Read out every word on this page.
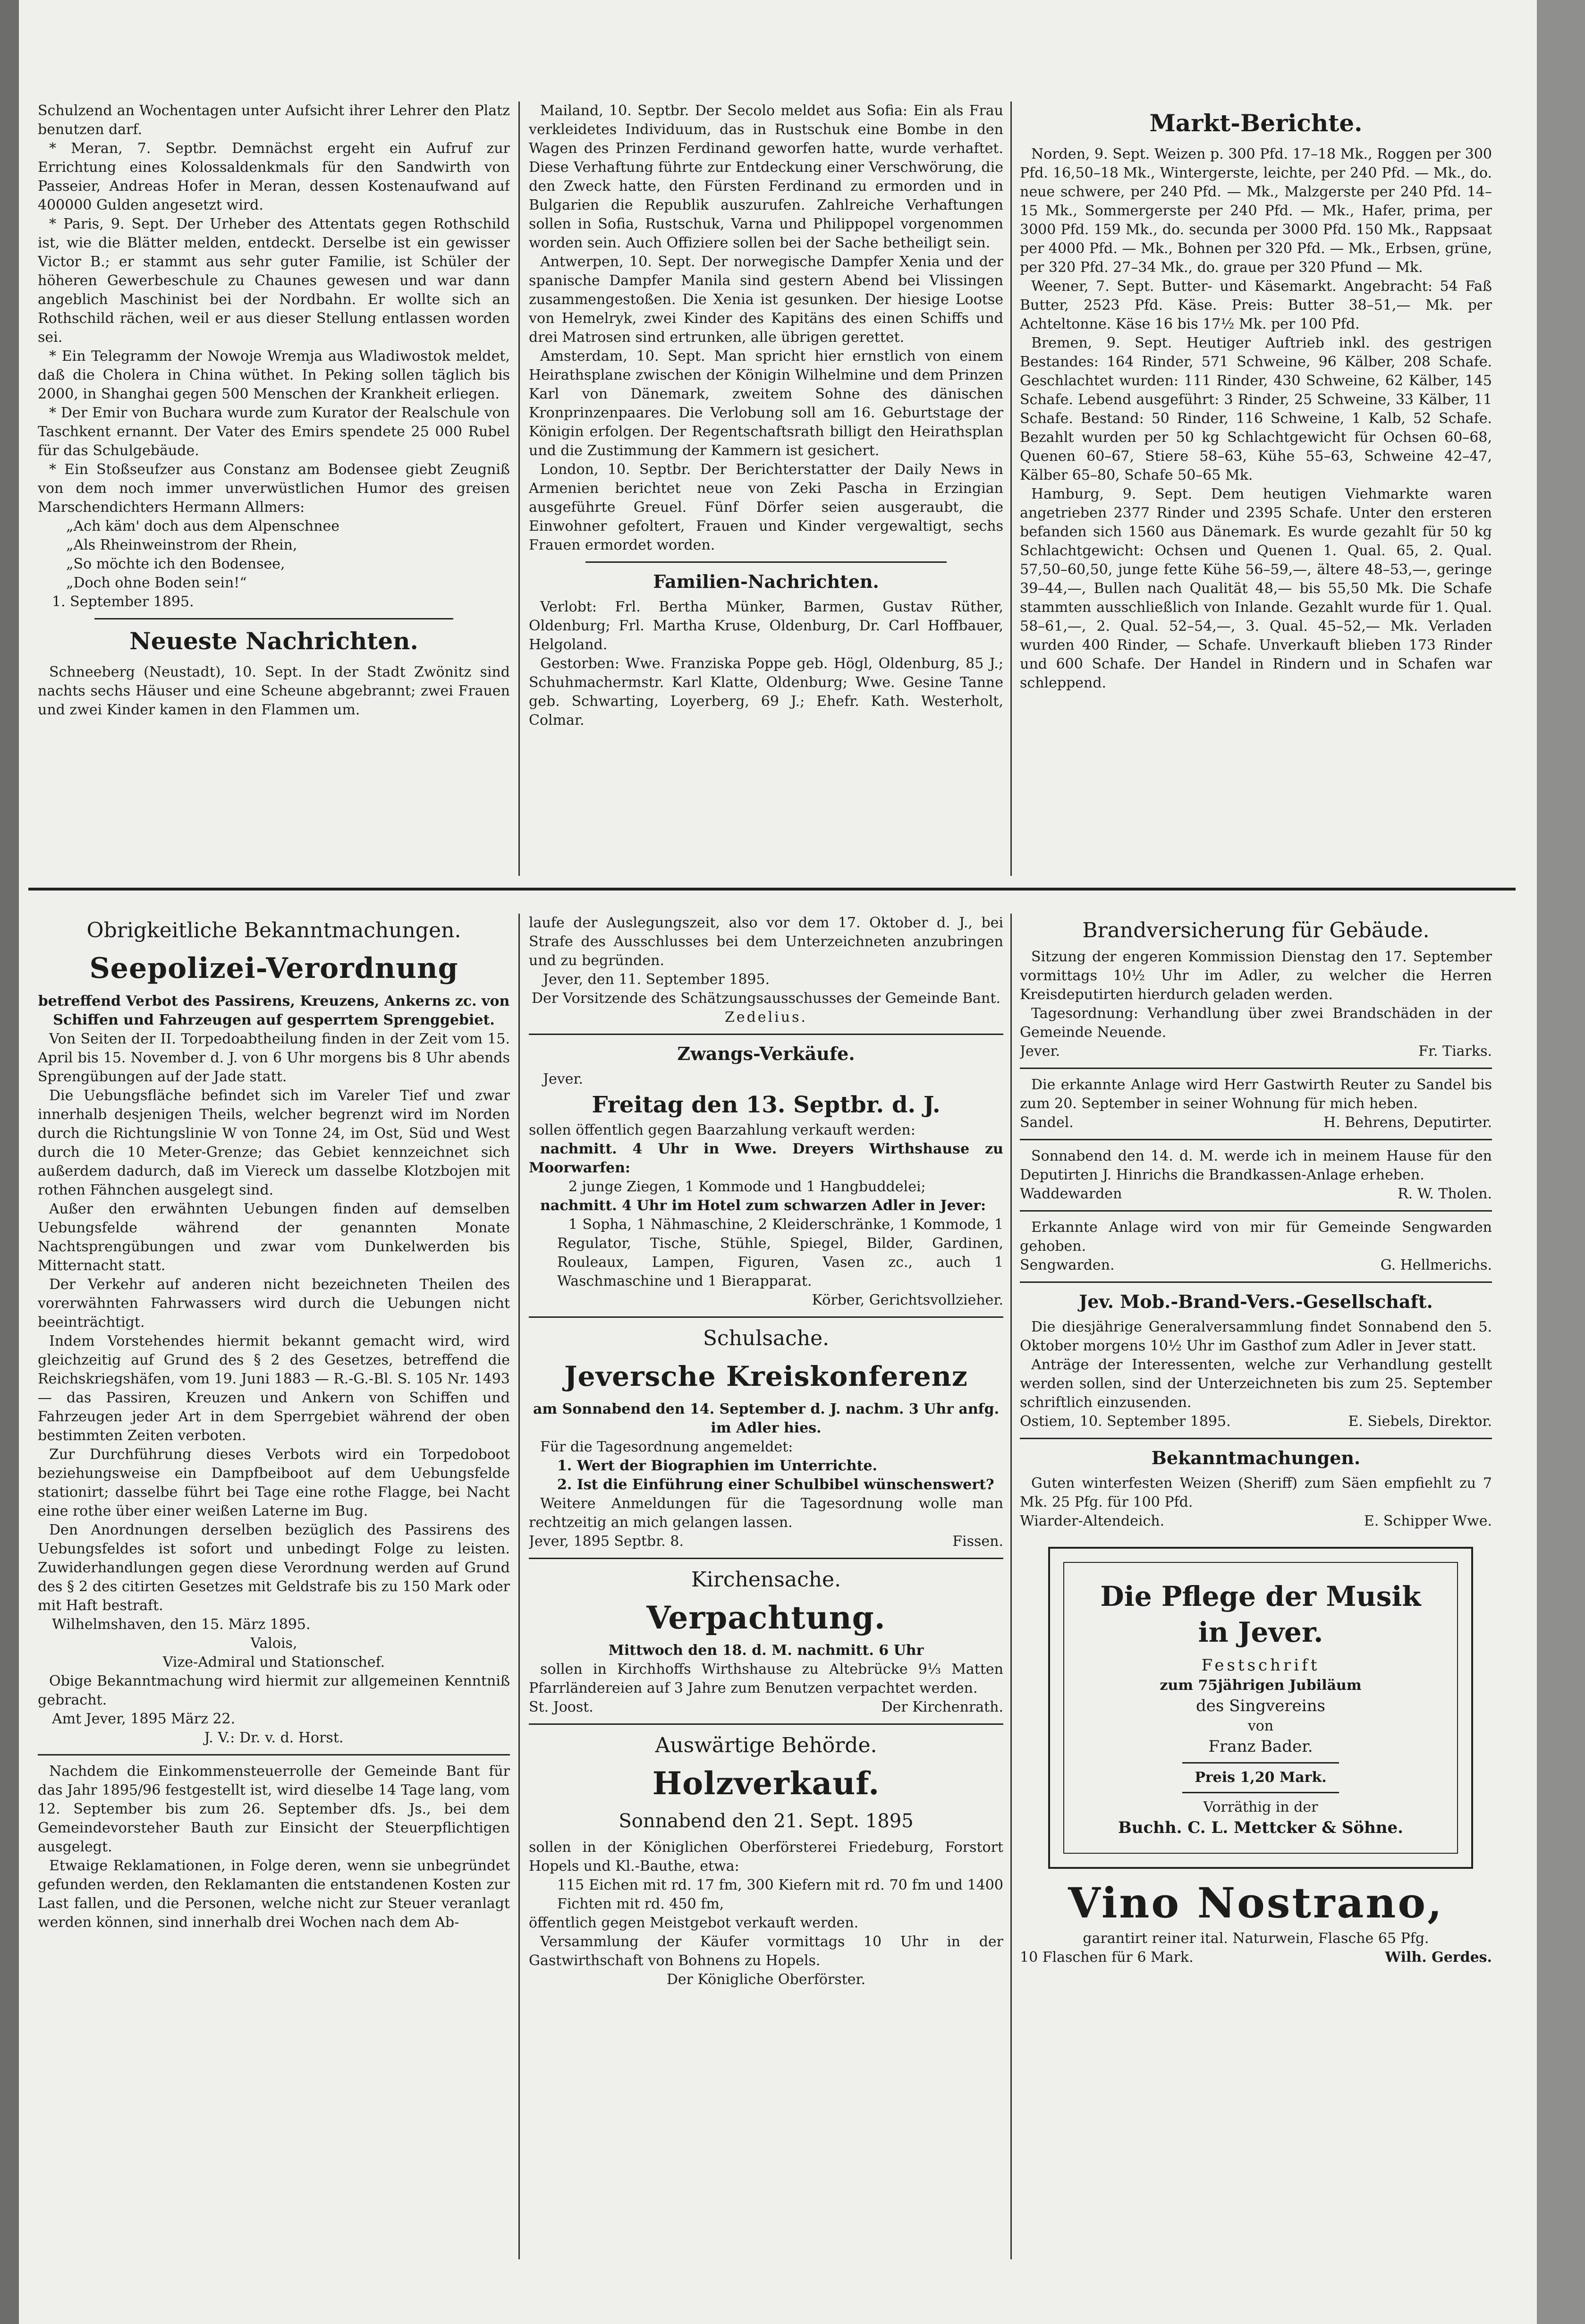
Schulzend an Wochentagen unter Aufsicht ihrer Lehrer den Platz benutzen darf.

* Meran, 7. Septbr. Demnächst ergeht ein Aufruf zur Errichtung eines Kolossaldenkmals für den Sandwirth von Passeier, Andreas Hofer in Meran, dessen Kostenaufwand auf 400000 Gulden angesetzt wird.

* Paris, 9. Sept. Der Urheber des Attentats gegen Rothschild ist, wie die Blätter melden, entdeckt. Derselbe ist ein gewisser Victor B.; er stammt aus sehr guter Familie, ist Schüler der höheren Gewerbeschule zu Chaunes gewesen und war dann angeblich Maschinist bei der Nordbahn. Er wollte sich an Rothschild rächen, weil er aus dieser Stellung entlassen worden sei.

* Ein Telegramm der Nowoje Wremja aus Wladiwostok meldet, daß die Cholera in China wüthet. In Peking sollen täglich bis 2000, in Shanghai gegen 500 Menschen der Krankheit erliegen.

* Der Emir von Buchara wurde zum Kurator der Realschule von Taschkent ernannt. Der Vater des Emirs spendete 25 000 Rubel für das Schulgebäude.

* Ein Stoßseufzer aus Constanz am Bodensee giebt Zeugniß von dem noch immer unverwüstlichen Humor des greisen Marschendichters Hermann Allmers:

„Ach käm' doch aus dem Alpenschnee
„Als Rheinweinstrom der Rhein,
„So möchte ich den Bodensee,
„Doch ohne Boden sein!“
1. September 1895.
Neueste Nachrichten.

Schneeberg (Neustadt), 10. Sept. In der Stadt Zwönitz sind nachts sechs Häuser und eine Scheune abgebrannt; zwei Frauen und zwei Kinder kamen in den Flammen um.

Mailand, 10. Septbr. Der Secolo meldet aus Sofia: Ein als Frau verkleidetes Individuum, das in Rustschuk eine Bombe in den Wagen des Prinzen Ferdinand geworfen hatte, wurde verhaftet. Diese Verhaftung führte zur Entdeckung einer Verschwörung, die den Zweck hatte, den Fürsten Ferdinand zu ermorden und in Bulgarien die Republik auszurufen. Zahlreiche Verhaftungen sollen in Sofia, Rustschuk, Varna und Philippopel vorgenommen worden sein. Auch Offiziere sollen bei der Sache betheiligt sein.

Antwerpen, 10. Sept. Der norwegische Dampfer Xenia und der spanische Dampfer Manila sind gestern Abend bei Vlissingen zusammengestoßen. Die Xenia ist gesunken. Der hiesige Lootse von Hemelryk, zwei Kinder des Kapitäns des einen Schiffs und drei Matrosen sind ertrunken, alle übrigen gerettet.

Amsterdam, 10. Sept. Man spricht hier ernstlich von einem Heirathsplane zwischen der Königin Wilhelmine und dem Prinzen Karl von Dänemark, zweitem Sohne des dänischen Kronprinzenpaares. Die Verlobung soll am 16. Geburtstage der Königin erfolgen. Der Regentschaftsrath billigt den Heirathsplan und die Zustimmung der Kammern ist gesichert.

London, 10. Septbr. Der Berichterstatter der Daily News in Armenien berichtet neue von Zeki Pascha in Erzingian ausgeführte Greuel. Fünf Dörfer seien ausgeraubt, die Einwohner gefoltert, Frauen und Kinder vergewaltigt, sechs Frauen ermordet worden.

Familien-Nachrichten.

Verlobt: Frl. Bertha Münker, Barmen, Gustav Rüther, Oldenburg; Frl. Martha Kruse, Oldenburg, Dr. Carl Hoffbauer, Helgoland.

Gestorben: Wwe. Franziska Poppe geb. Högl, Oldenburg, 85 J.; Schuhmachermstr. Karl Klatte, Oldenburg; Wwe. Gesine Tanne geb. Schwarting, Loyerberg, 69 J.; Ehefr. Kath. Westerholt, Colmar.

Markt-Berichte.

Norden, 9. Sept. Weizen p. 300 Pfd. 17–18 Mk., Roggen per 300 Pfd. 16,50–18 Mk., Wintergerste, leichte, per 240 Pfd. — Mk., do. neue schwere, per 240 Pfd. — Mk., Malzgerste per 240 Pfd. 14–15 Mk., Sommergerste per 240 Pfd. — Mk., Hafer, prima, per 3000 Pfd. 159 Mk., do. secunda per 3000 Pfd. 150 Mk., Rappsaat per 4000 Pfd. — Mk., Bohnen per 320 Pfd. — Mk., Erbsen, grüne, per 320 Pfd. 27–34 Mk., do. graue per 320 Pfund — Mk.

Weener, 7. Sept. Butter- und Käsemarkt. Angebracht: 54 Faß Butter, 2523 Pfd. Käse. Preis: Butter 38–51,— Mk. per Achteltonne. Käse 16 bis 17½ Mk. per 100 Pfd.

Bremen, 9. Sept. Heutiger Auftrieb inkl. des gestrigen Bestandes: 164 Rinder, 571 Schweine, 96 Kälber, 208 Schafe. Geschlachtet wurden: 111 Rinder, 430 Schweine, 62 Kälber, 145 Schafe. Lebend ausgeführt: 3 Rinder, 25 Schweine, 33 Kälber, 11 Schafe. Bestand: 50 Rinder, 116 Schweine, 1 Kalb, 52 Schafe. Bezahlt wurden per 50 kg Schlachtgewicht für Ochsen 60–68, Quenen 60–67, Stiere 58–63, Kühe 55–63, Schweine 42–47, Kälber 65–80, Schafe 50–65 Mk.

Hamburg, 9. Sept. Dem heutigen Viehmarkte waren angetrieben 2377 Rinder und 2395 Schafe. Unter den ersteren befanden sich 1560 aus Dänemark. Es wurde gezahlt für 50 kg Schlachtgewicht: Ochsen und Quenen 1. Qual. 65, 2. Qual. 57,50–60,50, junge fette Kühe 56–59,—, ältere 48–53,—, geringe 39–44,—, Bullen nach Qualität 48,— bis 55,50 Mk. Die Schafe stammten ausschließlich von Inlande. Gezahlt wurde für 1. Qual. 58–61,—, 2. Qual. 52–54,—, 3. Qual. 45–52,— Mk. Verladen wurden 400 Rinder, — Schafe. Unverkauft blieben 173 Rinder und 600 Schafe. Der Handel in Rindern und in Schafen war schleppend.

Obrigkeitliche Bekanntmachungen.
Seepolizei-Verordnung

betreffend Verbot des Passirens, Kreuzens, Ankerns zc. von Schiffen und Fahrzeugen auf gesperrtem Sprenggebiet.

Von Seiten der II. Torpedoabtheilung finden in der Zeit vom 15. April bis 15. November d. J. von 6 Uhr morgens bis 8 Uhr abends Sprengübungen auf der Jade statt.

Die Uebungsfläche befindet sich im Vareler Tief und zwar innerhalb desjenigen Theils, welcher begrenzt wird im Norden durch die Richtungslinie W von Tonne 24, im Ost, Süd und West durch die 10 Meter-Grenze; das Gebiet kennzeichnet sich außerdem dadurch, daß im Viereck um dasselbe Klotzbojen mit rothen Fähnchen ausgelegt sind.

Außer den erwähnten Uebungen finden auf demselben Uebungsfelde während der genannten Monate Nachtsprengübungen und zwar vom Dunkelwerden bis Mitternacht statt.

Der Verkehr auf anderen nicht bezeichneten Theilen des vorerwähnten Fahrwassers wird durch die Uebungen nicht beeinträchtigt.

Indem Vorstehendes hiermit bekannt gemacht wird, wird gleichzeitig auf Grund des § 2 des Gesetzes, betreffend die Reichskriegshäfen, vom 19. Juni 1883 — R.-G.-Bl. S. 105 Nr. 1493 — das Passiren, Kreuzen und Ankern von Schiffen und Fahrzeugen jeder Art in dem Sperrgebiet während der oben bestimmten Zeiten verboten.

Zur Durchführung dieses Verbots wird ein Torpedoboot beziehungsweise ein Dampfbeiboot auf dem Uebungsfelde stationirt; dasselbe führt bei Tage eine rothe Flagge, bei Nacht eine rothe über einer weißen Laterne im Bug.

Den Anordnungen derselben bezüglich des Passirens des Uebungsfeldes ist sofort und unbedingt Folge zu leisten. Zuwiderhandlungen gegen diese Verordnung werden auf Grund des § 2 des citirten Gesetzes mit Geldstrafe bis zu 150 Mark oder mit Haft bestraft.

Wilhelmshaven, den 15. März 1895.
Valois,
Vize-Admiral und Stationschef.

Obige Bekanntmachung wird hiermit zur allgemeinen Kenntniß gebracht.

Amt Jever, 1895 März 22.
J. V.: Dr. v. d. Horst.

Nachdem die Einkommensteuerrolle der Gemeinde Bant für das Jahr 1895/96 festgestellt ist, wird dieselbe 14 Tage lang, vom 12. September bis zum 26. September dfs. Js., bei dem Gemeindevorsteher Bauth zur Einsicht der Steuerpflichtigen ausgelegt.

Etwaige Reklamationen, in Folge deren, wenn sie unbegründet gefunden werden, den Reklamanten die entstandenen Kosten zur Last fallen, und die Personen, welche nicht zur Steuer veranlagt werden können, sind innerhalb drei Wochen nach dem Ab-

laufe der Auslegungszeit, also vor dem 17. Oktober d. J., bei Strafe des Ausschlusses bei dem Unterzeichneten anzubringen und zu begründen.

Jever, den 11. September 1895.
Der Vorsitzende des Schätzungsausschusses der Gemeinde Bant.
Zedelius.
Zwangs-Verkäufe.
Jever.
Freitag den 13. Septbr. d. J.

sollen öffentlich gegen Baarzahlung verkauft werden:

nachmitt. 4 Uhr in Wwe. Dreyers Wirthshause zu Moorwarfen:

2 junge Ziegen, 1 Kommode und 1 Hangbuddelei;

nachmitt. 4 Uhr im Hotel zum schwarzen Adler in Jever:

1 Sopha, 1 Nähmaschine, 2 Kleiderschränke, 1 Kommode, 1 Regulator, Tische, Stühle, Spiegel, Bilder, Gardinen, Rouleaux, Lampen, Figuren, Vasen zc., auch 1 Waschmaschine und 1 Bierapparat.

Körber, Gerichtsvollzieher.
Schulsache.
Jeversche Kreiskonferenz

am Sonnabend den 14. September d. J. nachm. 3 Uhr anfg. im Adler hies.

Für die Tagesordnung angemeldet:

1. Wert der Biographien im Unterrichte.
2. Ist die Einführung einer Schulbibel wünschenswert?

Weitere Anmeldungen für die Tagesordnung wolle man rechtzeitig an mich gelangen lassen.

Jever, 1895 Septbr. 8.	Fissen.
Kirchensache.
Verpachtung.

Mittwoch den 18. d. M. nachmitt. 6 Uhr

sollen in Kirchhoffs Wirthshause zu Altebrücke 9⅓ Matten Pfarrländereien auf 3 Jahre zum Benutzen verpachtet werden.

St. Joost.	Der Kirchenrath.
Auswärtige Behörde.
Holzverkauf.
Sonnabend den 21. Sept. 1895

sollen in der Königlichen Oberförsterei Friedeburg, Forstort Hopels und Kl.-Bauthe, etwa:

115 Eichen mit rd. 17 fm, 300 Kiefern mit rd. 70 fm und 1400 Fichten mit rd. 450 fm,

öffentlich gegen Meistgebot verkauft werden.

Versammlung der Käufer vormittags 10 Uhr in der Gastwirthschaft von Bohnens zu Hopels.

Der Königliche Oberförster.
Brandversicherung für Gebäude.

Sitzung der engeren Kommission Dienstag den 17. September vormittags 10½ Uhr im Adler, zu welcher die Herren Kreisdeputirten hierdurch geladen werden.

Tagesordnung: Verhandlung über zwei Brandschäden in der Gemeinde Neuende.

Jever.	Fr. Tiarks.

Die erkannte Anlage wird Herr Gastwirth Reuter zu Sandel bis zum 20. September in seiner Wohnung für mich heben.

Sandel.	H. Behrens, Deputirter.

Sonnabend den 14. d. M. werde ich in meinem Hause für den Deputirten J. Hinrichs die Brandkassen-Anlage erheben.

Waddewarden	R. W. Tholen.

Erkannte Anlage wird von mir für Gemeinde Sengwarden gehoben.

Sengwarden.	G. Hellmerichs.
Jev. Mob.-Brand-Vers.-Gesellschaft.

Die diesjährige Generalversammlung findet Sonnabend den 5. Oktober morgens 10½ Uhr im Gasthof zum Adler in Jever statt.

Anträge der Interessenten, welche zur Verhandlung gestellt werden sollen, sind der Unterzeichneten bis zum 25. September schriftlich einzusenden.

Ostiem, 10. September 1895.	E. Siebels, Direktor.
Bekanntmachungen.

Guten winterfesten Weizen (Sheriff) zum Säen empfiehlt zu 7 Mk. 25 Pfg. für 100 Pfd.

Wiarder-Altendeich.	E. Schipper Wwe.
Die Pflege der Musik
in Jever.
Festschrift
zum 75jährigen Jubiläum
des Singvereins
von
Franz Bader.
Preis 1,20 Mark.
Vorräthig in der
Buchh. C. L. Mettcker & Söhne.
Vino Nostrano,
garantirt reiner ital. Naturwein, Flasche 65 Pfg.
10 Flaschen für 6 Mark.	Wilh. Gerdes.
